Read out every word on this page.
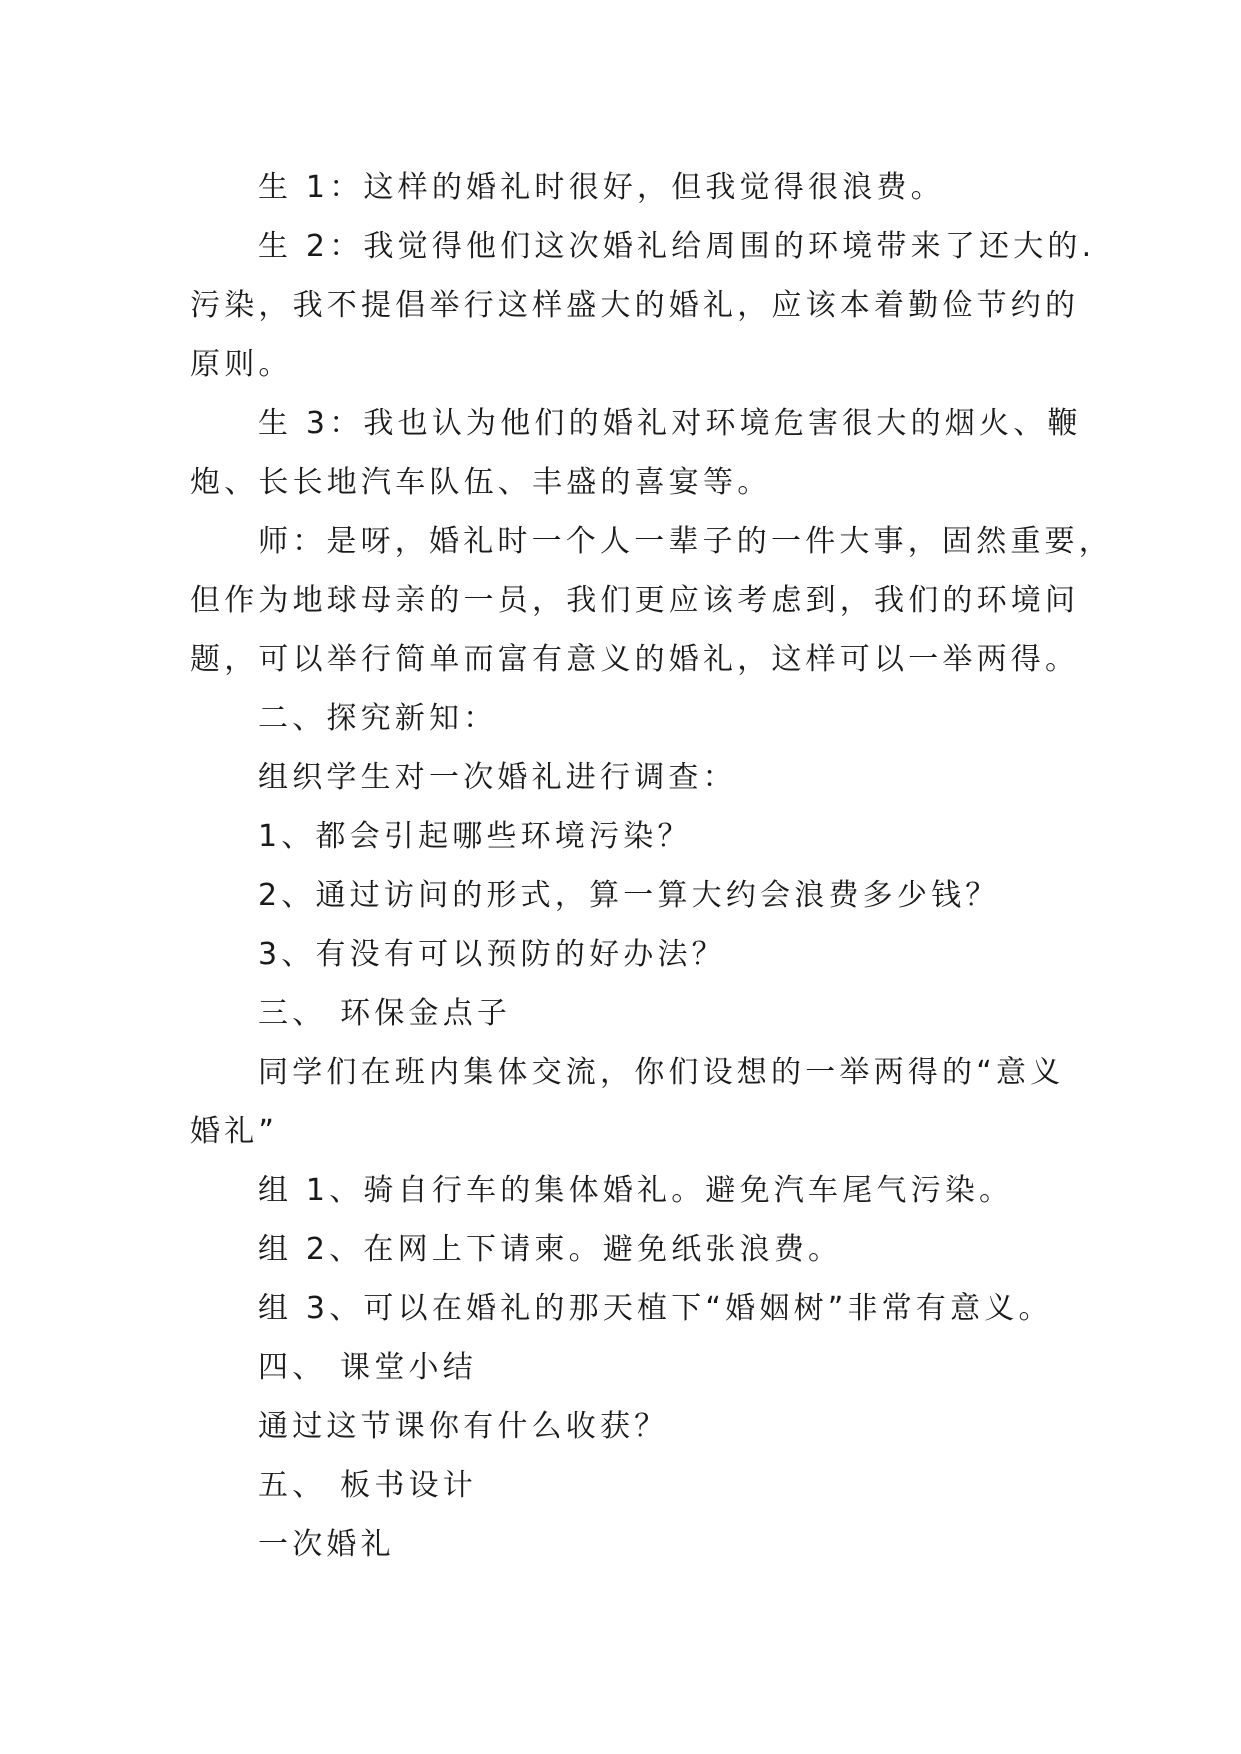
生 1：这样的婚礼时很好，但我觉得很浪费。

生 2：我觉得他们这次婚礼给周围的环境带来了还大的.
污染，我不提倡举行这样盛大的婚礼，应该本着勤俭节约的
原则。

生 3：我也认为他们的婚礼对环境危害很大的烟火、鞭
炮、长长地汽车队伍、丰盛的喜宴等。

师：是呀，婚礼时一个人一辈子的一件大事，固然重要，
但作为地球母亲的一员，我们更应该考虑到，我们的环境问
题，可以举行简单而富有意义的婚礼，这样可以一举两得。

二、探究新知：

组织学生对一次婚礼进行调查：

1、都会引起哪些环境污染？

2、通过访问的形式，算一算大约会浪费多少钱？

3、有没有可以预防的好办法？

三、 环保金点子

同学们在班内集体交流，你们设想的一举两得的“意义
婚礼”

组 1、骑自行车的集体婚礼。避免汽车尾气污染。

组 2、在网上下请柬。避免纸张浪费。

组 3、可以在婚礼的那天植下“婚姻树”非常有意义。

四、 课堂小结

通过这节课你有什么收获？

五、 板书设计

一次婚礼
